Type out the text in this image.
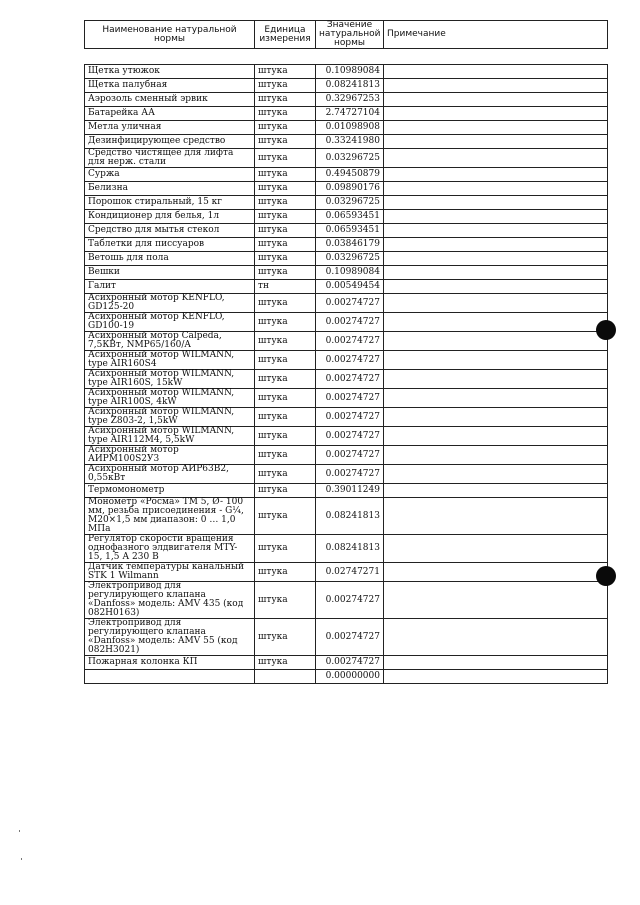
Наименование натуральной нормы	Единица измерения	Значение натуральной нормы	Примечание
Щетка утюжок	штука	0.10989084	
Щетка палубная	штука	0.08241813	
Аэрозоль сменный эрвик	штука	0.32967253	
Батарейка АА	штука	2.74727104	
Метла уличная	штука	0.01098908	
Дезинфицирующее средство	штука	0.33241980	
Средство чистящее для лифта для нерж. стали	штука	0.03296725	
Суржа	штука	0.49450879	
Белизна	штука	0.09890176	
Порошок стиральный, 15 кг	штука	0.03296725	
Кондиционер для белья, 1л	штука	0.06593451	
Средство для мытья стекол	штука	0.06593451	
Таблетки для писсуаров	штука	0.03846179	
Ветошь для пола	штука	0.03296725	
Вешки	штука	0.10989084	
Галит	тн	0.00549454	
Асихронный мотор KENFLO, GD125-20	штука	0.00274727	
Асихронный мотор KENFLO, GD100-19	штука	0.00274727	
Асихронный мотор Calpeda, 7,5КВт, NMP65/160/A	штука	0.00274727	
Асихронный мотор WILMANN, type AIR160S4	штука	0.00274727	
Асихронный мотор WILMANN, type AIR160S, 15kW	штука	0.00274727	
Асихронный мотор WILMANN, type AIR100S, 4kW	штука	0.00274727	
Асихронный мотор WILMANN, type Z803-2, 1,5kW	штука	0.00274727	
Асихронный мотор WILMANN, type AIR112M4, 5,5kW	штука	0.00274727	
Асихронный мотор АИРМ100S2У3	штука	0.00274727	
Асихронный мотор АИР63В2, 0,55кВт	штука	0.00274727	
Термомонометр	штука	0.39011249	
Монометр «Росма» ТМ 5, Ø- 100 мм, резьба присоединения - G¼, М20×1,5 мм диапазон: 0 … 1,0 МПа	штука	0.08241813	
Регулятор скорости вращения однофазного элдвигателя MTY-15, 1,5 А 230 В	штука	0.08241813	
Датчик температуры канальный STK 1 Wilmann	штука	0.02747271	
Электропривод для регулирующего клапана «Danfoss» модель: AMV 435 (код 082H0163)	штука	0.00274727	
Электропривод для регулирующего клапана «Danfoss» модель: AMV 55 (код 082H3021)	штука	0.00274727	
Пожарная колонка КП	штука	0.00274727	
		0.00000000	
